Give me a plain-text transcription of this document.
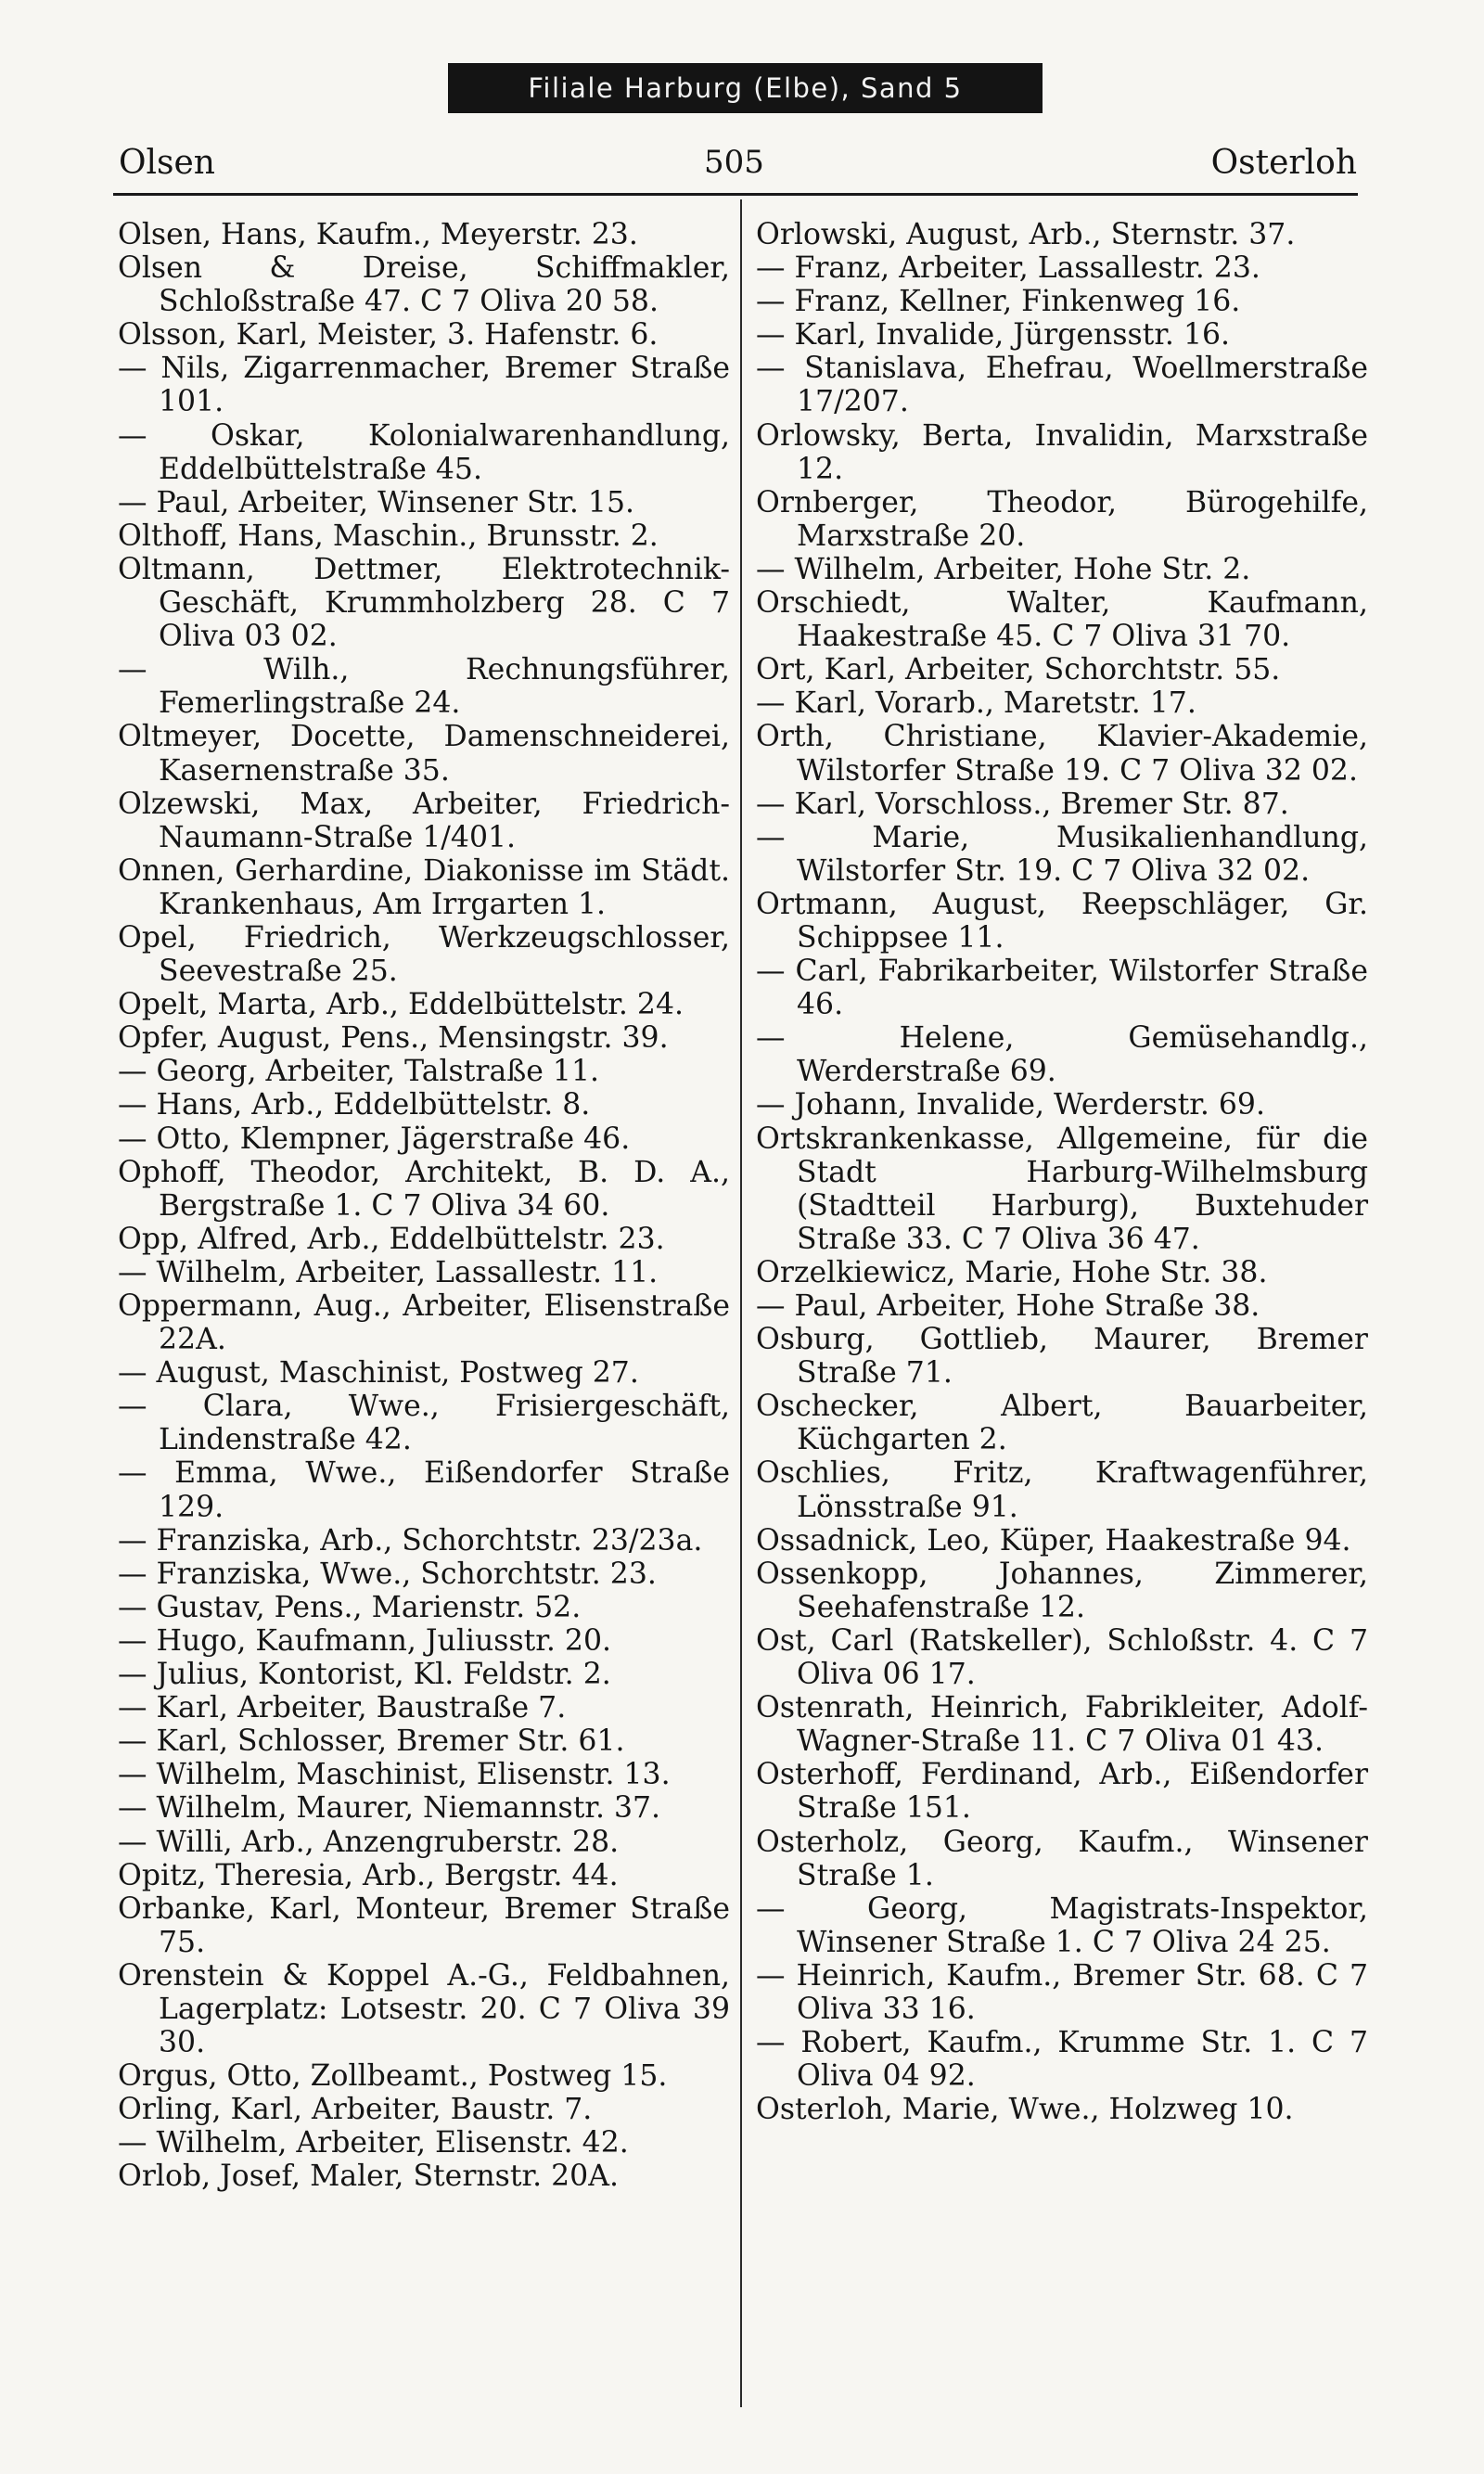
Filiale Harburg (Elbe), Sand 5
Olsen	505	Osterloh

Olsen, Hans, Kaufm., Meyerstr. 23.

Olsen & Dreise, Schiffmakler, Schloßstraße 47. C 7 Oliva 20 58.

Olsson, Karl, Meister, 3. Hafenstr. 6.

— Nils, Zigarrenmacher, Bremer Straße 101.

— Oskar, Kolonialwarenhandlung, Eddelbüttelstraße 45.

— Paul, Arbeiter, Winsener Str. 15.

Olthoff, Hans, Maschin., Brunsstr. 2.

Oltmann, Dettmer, Elektrotechnik-Geschäft, Krummholzberg 28. C 7 Oliva 03 02.

— Wilh., Rechnungsführer, Femerlingstraße 24.

Oltmeyer, Docette, Damenschneiderei, Kasernenstraße 35.

Olzewski, Max, Arbeiter, Friedrich-Naumann-Straße 1/401.

Onnen, Gerhardine, Diakonisse im Städt. Krankenhaus, Am Irrgarten 1.

Opel, Friedrich, Werkzeugschlosser, Seevestraße 25.

Opelt, Marta, Arb., Eddelbüttelstr. 24.

Opfer, August, Pens., Mensingstr. 39.

— Georg, Arbeiter, Talstraße 11.

— Hans, Arb., Eddelbüttelstr. 8.

— Otto, Klempner, Jägerstraße 46.

Ophoff, Theodor, Architekt, B. D. A., Bergstraße 1. C 7 Oliva 34 60.

Opp, Alfred, Arb., Eddelbüttelstr. 23.

— Wilhelm, Arbeiter, Lassallestr. 11.

Oppermann, Aug., Arbeiter, Elisenstraße 22A.

— August, Maschinist, Postweg 27.

— Clara, Wwe., Frisiergeschäft, Lindenstraße 42.

— Emma, Wwe., Eißendorfer Straße 129.

— Franziska, Arb., Schorchtstr. 23/23a.

— Franziska, Wwe., Schorchtstr. 23.

— Gustav, Pens., Marienstr. 52.

— Hugo, Kaufmann, Juliusstr. 20.

— Julius, Kontorist, Kl. Feldstr. 2.

— Karl, Arbeiter, Baustraße 7.

— Karl, Schlosser, Bremer Str. 61.

— Wilhelm, Maschinist, Elisenstr. 13.

— Wilhelm, Maurer, Niemannstr. 37.

— Willi, Arb., Anzengruberstr. 28.

Opitz, Theresia, Arb., Bergstr. 44.

Orbanke, Karl, Monteur, Bremer Straße 75.

Orenstein & Koppel A.-G., Feldbahnen, Lagerplatz: Lotsestr. 20. C 7 Oliva 39 30.

Orgus, Otto, Zollbeamt., Postweg 15.

Orling, Karl, Arbeiter, Baustr. 7.

— Wilhelm, Arbeiter, Elisenstr. 42.

Orlob, Josef, Maler, Sternstr. 20A.

Orlowski, August, Arb., Sternstr. 37.

— Franz, Arbeiter, Lassallestr. 23.

— Franz, Kellner, Finkenweg 16.

— Karl, Invalide, Jürgensstr. 16.

— Stanislava, Ehefrau, Woellmerstraße 17/207.

Orlowsky, Berta, Invalidin, Marxstraße 12.

Ornberger, Theodor, Bürogehilfe, Marxstraße 20.

— Wilhelm, Arbeiter, Hohe Str. 2.

Orschiedt, Walter, Kaufmann, Haakestraße 45. C 7 Oliva 31 70.

Ort, Karl, Arbeiter, Schorchtstr. 55.

— Karl, Vorarb., Maretstr. 17.

Orth, Christiane, Klavier-Akademie, Wilstorfer Straße 19. C 7 Oliva 32 02.

— Karl, Vorschloss., Bremer Str. 87.

— Marie, Musikalienhandlung, Wilstorfer Str. 19. C 7 Oliva 32 02.

Ortmann, August, Reepschläger, Gr. Schippsee 11.

— Carl, Fabrikarbeiter, Wilstorfer Straße 46.

— Helene, Gemüsehandlg., Werderstraße 69.

— Johann, Invalide, Werderstr. 69.

Ortskrankenkasse, Allgemeine, für die Stadt Harburg-Wilhelmsburg (Stadtteil Harburg), Buxtehuder Straße 33. C 7 Oliva 36 47.

Orzelkiewicz, Marie, Hohe Str. 38.

— Paul, Arbeiter, Hohe Straße 38.

Osburg, Gottlieb, Maurer, Bremer Straße 71.

Oschecker, Albert, Bauarbeiter, Küchgarten 2.

Oschlies, Fritz, Kraftwagenführer, Lönsstraße 91.

Ossadnick, Leo, Küper, Haakestraße 94.

Ossenkopp, Johannes, Zimmerer, Seehafenstraße 12.

Ost, Carl (Ratskeller), Schloßstr. 4. C 7 Oliva 06 17.

Ostenrath, Heinrich, Fabrikleiter, Adolf-Wagner-Straße 11. C 7 Oliva 01 43.

Osterhoff, Ferdinand, Arb., Eißendorfer Straße 151.

Osterholz, Georg, Kaufm., Winsener Straße 1.

— Georg, Magistrats-Inspektor, Winsener Straße 1. C 7 Oliva 24 25.

— Heinrich, Kaufm., Bremer Str. 68. C 7 Oliva 33 16.

— Robert, Kaufm., Krumme Str. 1. C 7 Oliva 04 92.

Osterloh, Marie, Wwe., Holzweg 10.
